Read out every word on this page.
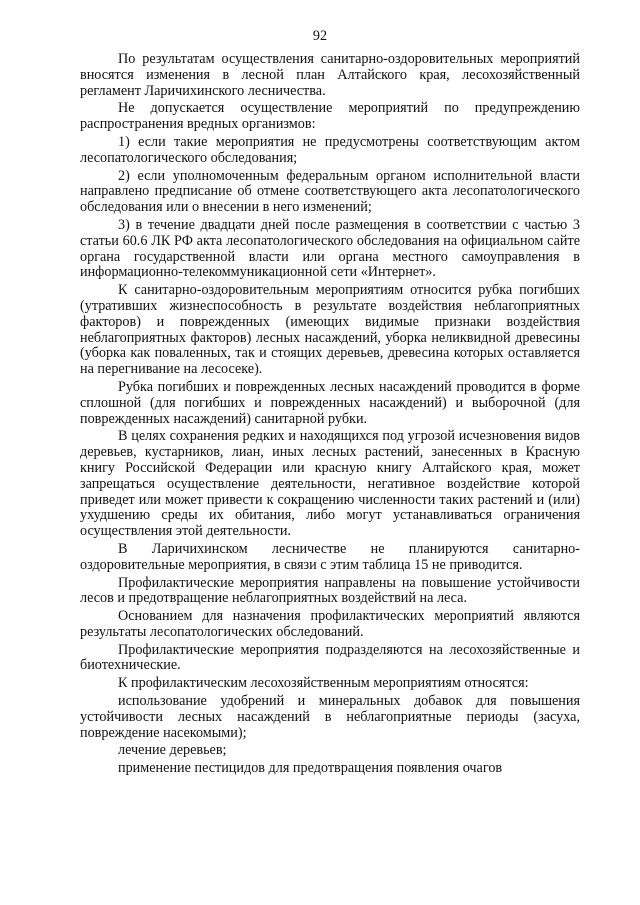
92

По результатам осуществления санитарно-оздоровительных мероприятий вносятся изменения в лесной план Алтайского края, лесохозяйственный регламент Ларичихинского лесничества.

Не допускается осуществление мероприятий по предупреждению распространения вредных организмов:

1) если такие мероприятия не предусмотрены соответствующим актом лесопатологического обследования;

2) если уполномоченным федеральным органом исполнительной власти направлено предписание об отмене соответствующего акта лесопатологического обследования или о внесении в него изменений;

3) в течение двадцати дней после размещения в соответствии с частью 3 статьи 60.6 ЛК РФ акта лесопатологического обследования на официальном сайте органа государственной власти или органа местного самоуправления в информационно-телекоммуникационной сети «Интернет».

К санитарно-оздоровительным мероприятиям относится рубка погибших (утративших жизнеспособность в результате воздействия неблагоприятных факторов) и поврежденных (имеющих видимые признаки воздействия неблагоприятных факторов) лесных насаждений, уборка неликвидной древесины (уборка как поваленных, так и стоящих деревьев, древесина которых оставляется на перегнивание на лесосеке).

Рубка погибших и поврежденных лесных насаждений проводится в форме сплошной (для погибших и поврежденных насаждений) и выборочной (для поврежденных насаждений) санитарной рубки.

В целях сохранения редких и находящихся под угрозой исчезновения видов деревьев, кустарников, лиан, иных лесных растений, занесенных в Красную книгу Российской Федерации или красную книгу Алтайского края, может запрещаться осуществление деятельности, негативное воздействие которой приведет или может привести к сокращению численности таких растений и (или) ухудшению среды их обитания, либо могут устанавливаться ограничения осуществления этой деятельности.

В Ларичихинском лесничестве не планируются санитарно-оздоровительные мероприятия, в связи с этим таблица 15 не приводится.

Профилактические мероприятия направлены на повышение устойчивости лесов и предотвращение неблагоприятных воздействий на леса.

Основанием для назначения профилактических мероприятий являются результаты лесопатологических обследований.

Профилактические мероприятия подразделяются на лесохозяйственные и биотехнические.

К профилактическим лесохозяйственным мероприятиям относятся:

использование удобрений и минеральных добавок для повышения устойчивости лесных насаждений в неблагоприятные периоды (засуха, повреждение насекомыми);

лечение деревьев;

применение пестицидов для предотвращения появления очагов
